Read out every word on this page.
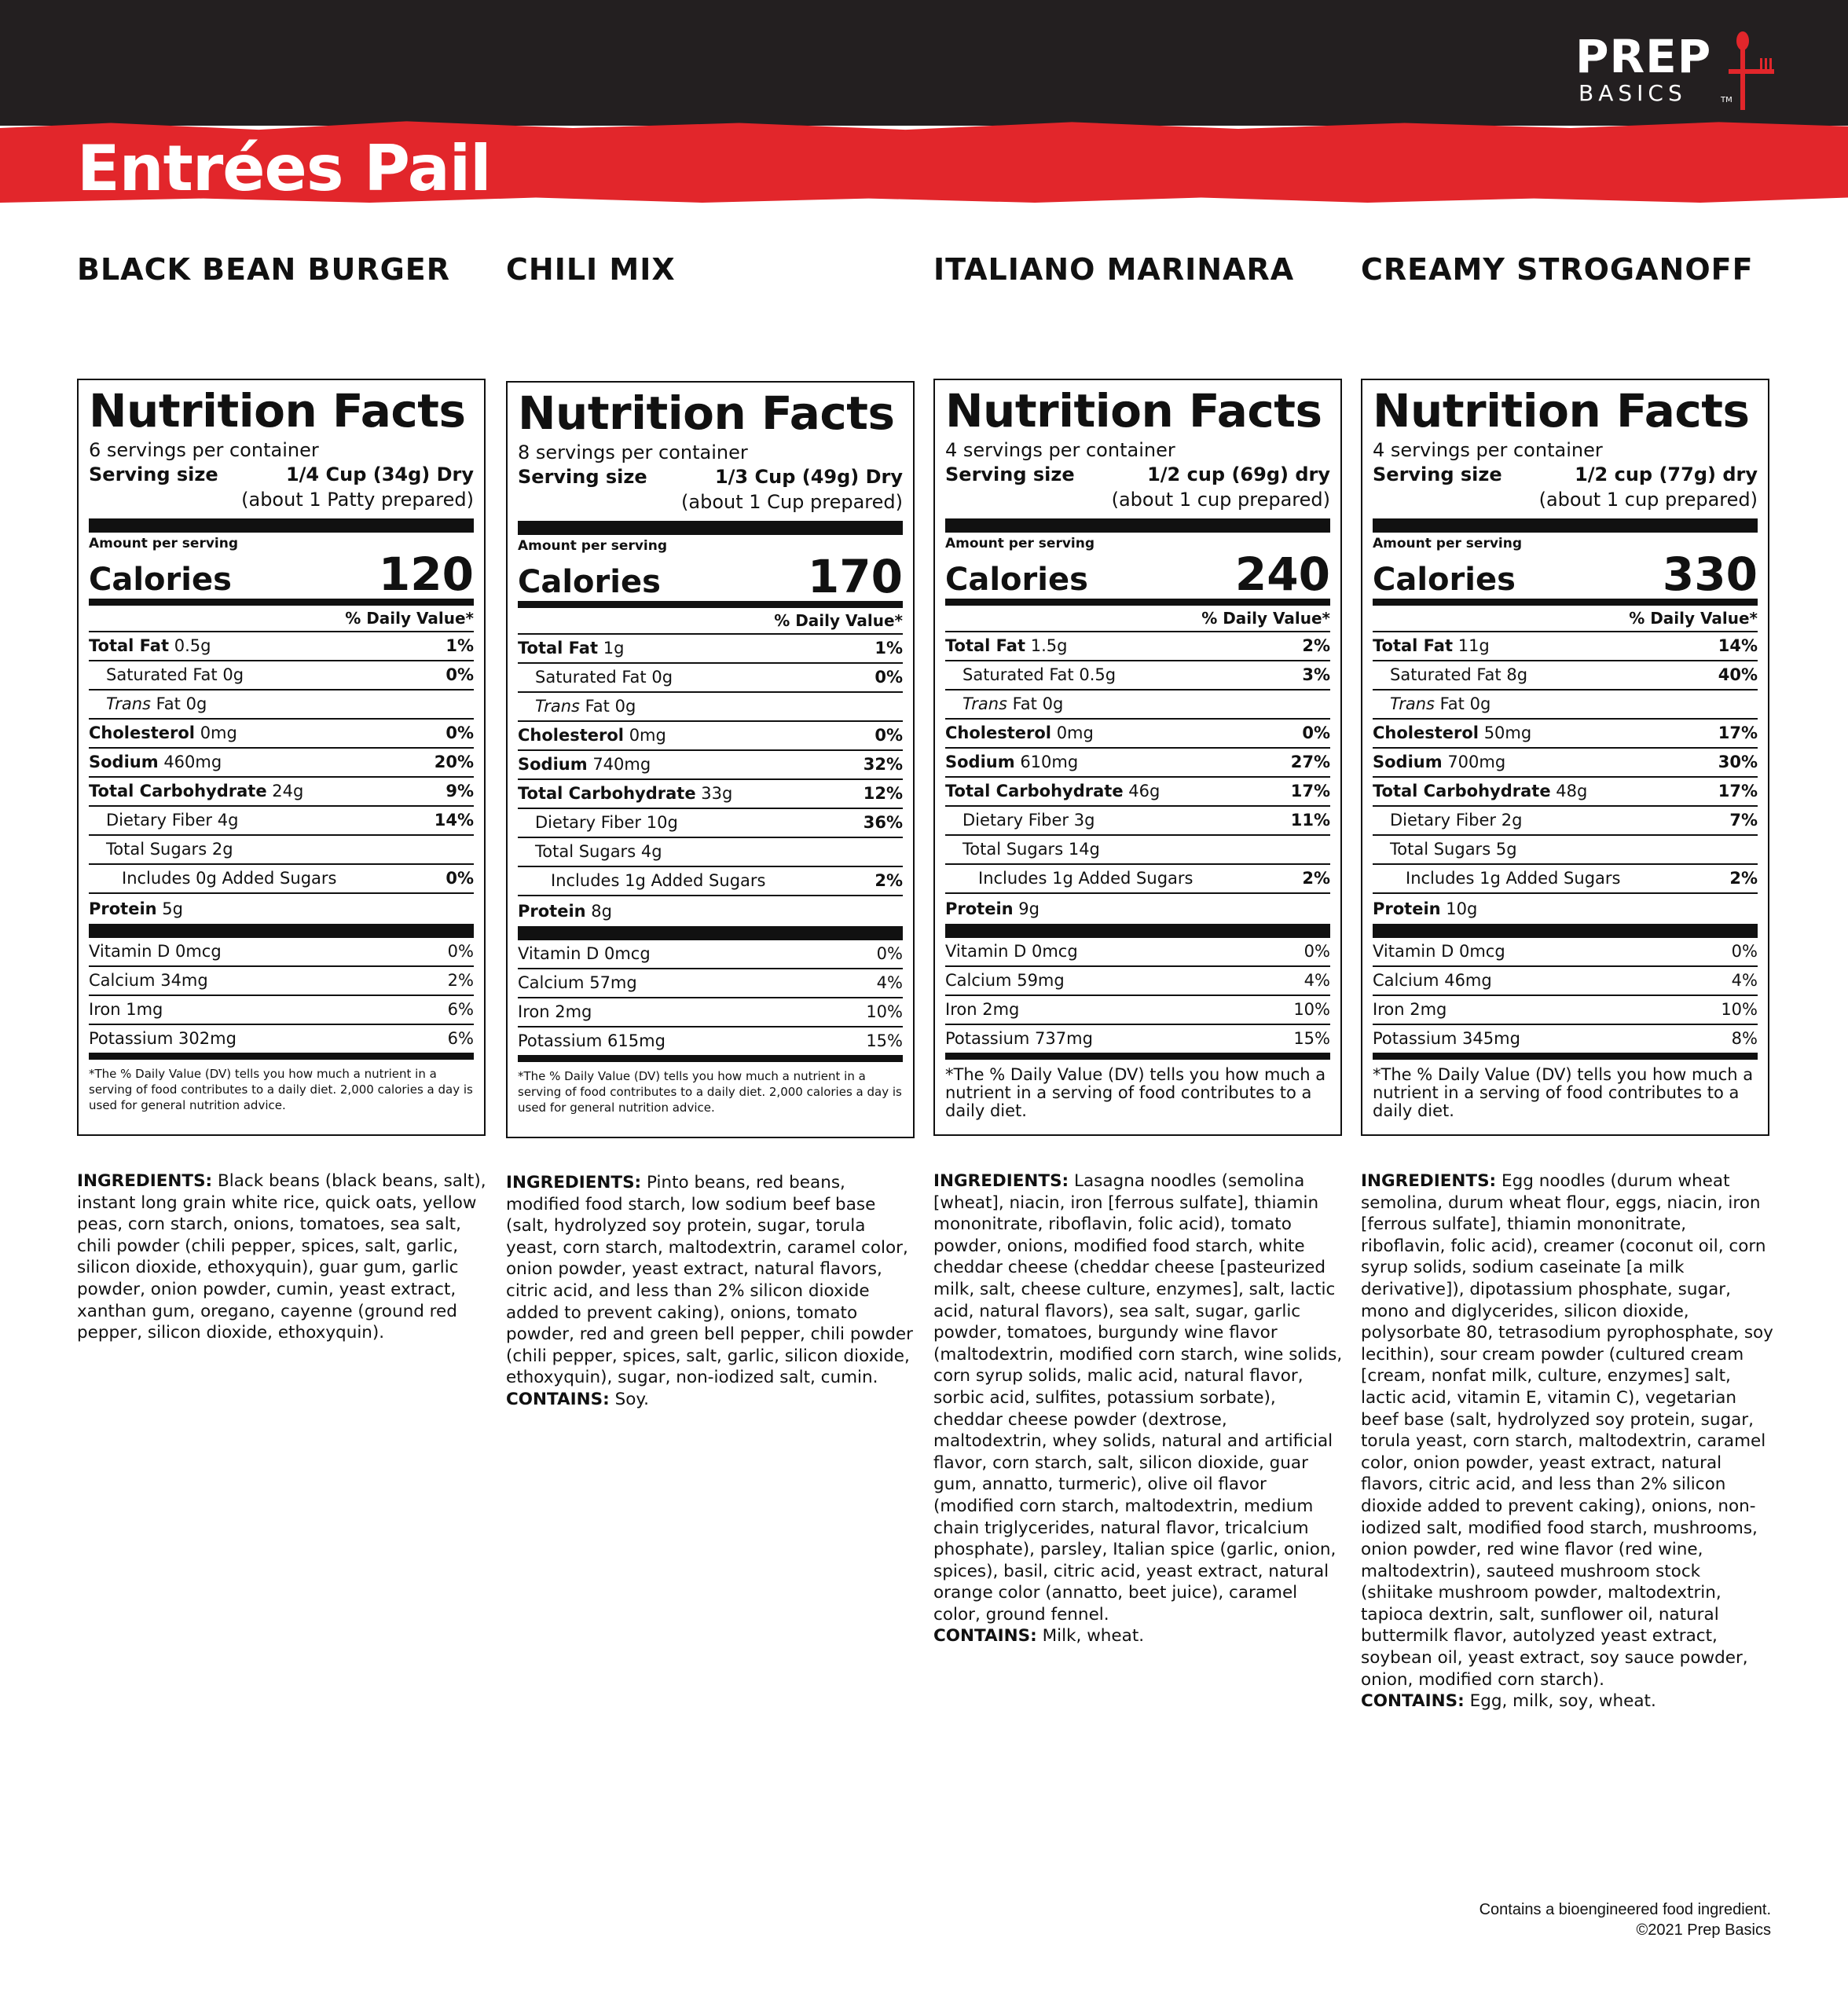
Entrées Pail
PREP
BASICS	TM
BLACK BEAN BURGER
Nutrition Facts
6 servings per container
Serving size	1/4 Cup (34g) Dry
(about 1 Patty prepared)
Amount per serving
Calories	120
% Daily Value*
Total Fat 0.5g	1%
Saturated Fat 0g	0%
Trans Fat 0g
Cholesterol 0mg	0%
Sodium 460mg	20%
Total Carbohydrate 24g	9%
Dietary Fiber 4g	14%
Total Sugars 2g
Includes 0g Added Sugars	0%
Protein 5g
Vitamin D 0mcg	0%
Calcium 34mg	2%
Iron 1mg	6%
Potassium 302mg	6%
*The % Daily Value (DV) tells you how much a nutrient in a serving of food contributes to a daily diet. 2,000 calories a day is used for general nutrition advice.
INGREDIENTS: Black beans (black beans, salt), instant long grain white rice, quick oats, yellow peas, corn starch, onions, tomatoes, sea salt, chili powder (chili pepper, spices, salt, garlic, silicon dioxide, ethoxyquin), guar gum, garlic powder, onion powder, cumin, yeast extract, xanthan gum, oregano, cayenne (ground red pepper, silicon dioxide, ethoxyquin).
CHILI MIX
Nutrition Facts
8 servings per container
Serving size	1/3 Cup (49g) Dry
(about 1 Cup prepared)
Amount per serving
Calories	170
% Daily Value*
Total Fat 1g	1%
Saturated Fat 0g	0%
Trans Fat 0g
Cholesterol 0mg	0%
Sodium 740mg	32%
Total Carbohydrate 33g	12%
Dietary Fiber 10g	36%
Total Sugars 4g
Includes 1g Added Sugars	2%
Protein 8g
Vitamin D 0mcg	0%
Calcium 57mg	4%
Iron 2mg	10%
Potassium 615mg	15%
*The % Daily Value (DV) tells you how much a nutrient in a serving of food contributes to a daily diet. 2,000 calories a day is used for general nutrition advice.
INGREDIENTS: Pinto beans, red beans, modified food starch, low sodium beef base (salt, hydrolyzed soy protein, sugar, torula yeast, corn starch, maltodextrin, caramel color, onion powder, yeast extract, natural flavors, citric acid, and less than 2% silicon dioxide added to prevent caking), onions, tomato powder, red and green bell pepper, chili powder (chili pepper, spices, salt, garlic, silicon dioxide, ethoxyquin), sugar, non-iodized salt, cumin.
CONTAINS: Soy.
ITALIANO MARINARA
Nutrition Facts
4 servings per container
Serving size	1/2 cup (69g) dry
(about 1 cup prepared)
Amount per serving
Calories	240
% Daily Value*
Total Fat 1.5g	2%
Saturated Fat 0.5g	3%
Trans Fat 0g
Cholesterol 0mg	0%
Sodium 610mg	27%
Total Carbohydrate 46g	17%
Dietary Fiber 3g	11%
Total Sugars 14g
Includes 1g Added Sugars	2%
Protein 9g
Vitamin D 0mcg	0%
Calcium 59mg	4%
Iron 2mg	10%
Potassium 737mg	15%
*The % Daily Value (DV) tells you how much a nutrient in a serving of food contributes to a daily diet.
INGREDIENTS: Lasagna noodles (semolina [wheat], niacin, iron [ferrous sulfate], thiamin mononitrate, riboflavin, folic acid), tomato powder, onions, modified food starch, white cheddar cheese (cheddar cheese [pasteurized milk, salt, cheese culture, enzymes], salt, lactic acid, natural flavors), sea salt, sugar, garlic powder, tomatoes, burgundy wine flavor (maltodextrin, modified corn starch, wine solids, corn syrup solids, malic acid, natural flavor, sorbic acid, sulfites, potassium sorbate), cheddar cheese powder (dextrose, maltodextrin, whey solids, natural and artificial flavor, corn starch, salt, silicon dioxide, guar gum, annatto, turmeric), olive oil flavor (modified corn starch, maltodextrin, medium chain triglycerides, natural flavor, tricalcium phosphate), parsley, Italian spice (garlic, onion, spices), basil, citric acid, yeast extract, natural orange color (annatto, beet juice), caramel color, ground fennel.
CONTAINS: Milk, wheat.
CREAMY STROGANOFF
Nutrition Facts
4 servings per container
Serving size	1/2 cup (77g) dry
(about 1 cup prepared)
Amount per serving
Calories	330
% Daily Value*
Total Fat 11g	14%
Saturated Fat 8g	40%
Trans Fat 0g
Cholesterol 50mg	17%
Sodium 700mg	30%
Total Carbohydrate 48g	17%
Dietary Fiber 2g	7%
Total Sugars 5g
Includes 1g Added Sugars	2%
Protein 10g
Vitamin D 0mcg	0%
Calcium 46mg	4%
Iron 2mg	10%
Potassium 345mg	8%
*The % Daily Value (DV) tells you how much a nutrient in a serving of food contributes to a daily diet.
INGREDIENTS: Egg noodles (durum wheat semolina, durum wheat flour, eggs, niacin, iron [ferrous sulfate], thiamin mononitrate, riboflavin, folic acid), creamer (coconut oil, corn syrup solids, sodium caseinate [a milk derivative]), dipotassium phosphate, sugar, mono and diglycerides, silicon dioxide, polysorbate 80, tetrasodium pyrophosphate, soy lecithin), sour cream powder (cultured cream [cream, nonfat milk, culture, enzymes] salt, lactic acid, vitamin E, vitamin C), vegetarian beef base (salt, hydrolyzed soy protein, sugar, torula yeast, corn starch, maltodextrin, caramel color, onion powder, yeast extract, natural flavors, citric acid, and less than 2% silicon dioxide added to prevent caking), onions, non-iodized salt, modified food starch, mushrooms, onion powder, red wine flavor (red wine, maltodextrin), sauteed mushroom stock (shiitake mushroom powder, maltodextrin, tapioca dextrin, salt, sunflower oil, natural buttermilk flavor, autolyzed yeast extract, soybean oil, yeast extract, soy sauce powder, onion, modified corn starch).
CONTAINS: Egg, milk, soy, wheat.
Contains a bioengineered food ingredient.
©2021 Prep Basics
